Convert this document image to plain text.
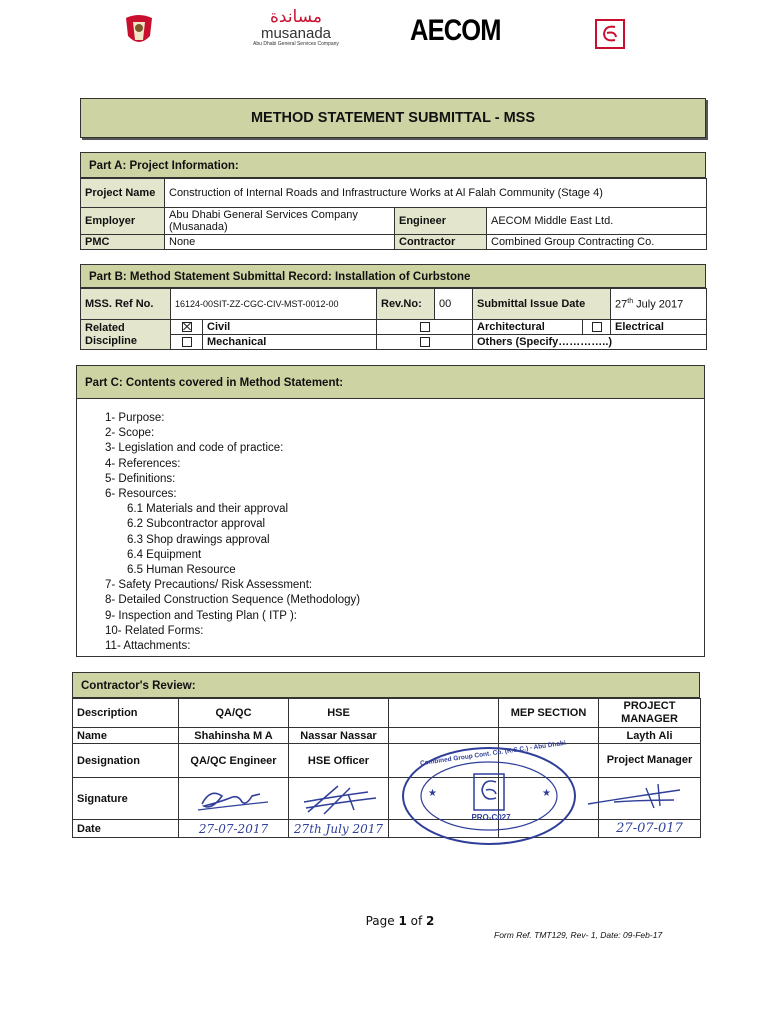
مساندة
musanada
Abu Dhabi General Services Company AECOM
METHOD STATEMENT SUBMITTAL - MSS
Part A: Project Information:
Project Name	Construction of Internal Roads and Infrastructure Works at Al Falah Community (Stage 4)		
Employer	Abu Dhabi General Services Company (Musanada)	Engineer	AECOM Middle East Ltd.
PMC	None	Contractor	Combined Group Contracting Co.
Part B: Method Statement Submittal Record: Installation of Curbstone
MSS. Ref No.	16124-00SIT-ZZ-CGC-CIV-MST-0012-00		Rev.No:	00	Submittal Issue Date		27th July 2017
Related Discipline		Civil			Architectural		Electrical
		Mechanical			Others (Specify…………..)		
Part C: Contents covered in Method Statement:
1- Purpose:
2- Scope:
3- Legislation and code of practice:
4- References:
5- Definitions:
6- Resources:
6.1 Materials and their approval
6.2 Subcontractor approval
6.3 Shop drawings approval
6.4 Equipment
6.5 Human Resource
7- Safety Precautions/ Risk Assessment:
8- Detailed Construction Sequence (Methodology)
9- Inspection and Testing Plan ( ITP ):
10- Related Forms:
11- Attachments:
Contractor's Review:
Description	QA/QC	HSE		MEP SECTION	PROJECT MANAGER
Name	Shahinsha M A	Nassar Nassar			Layth Ali
Designation	QA/QC Engineer	HSE Officer			Project Manager
Signature					
Date	27-07-2017	27th July 2017			27-07-017
★	★
Combined Group Cont. Co. (K.S.C.) - Abu Dhabi
PRO-C027
Page 1 of 2
Form Ref. TMT129, Rev- 1, Date: 09-Feb-17
